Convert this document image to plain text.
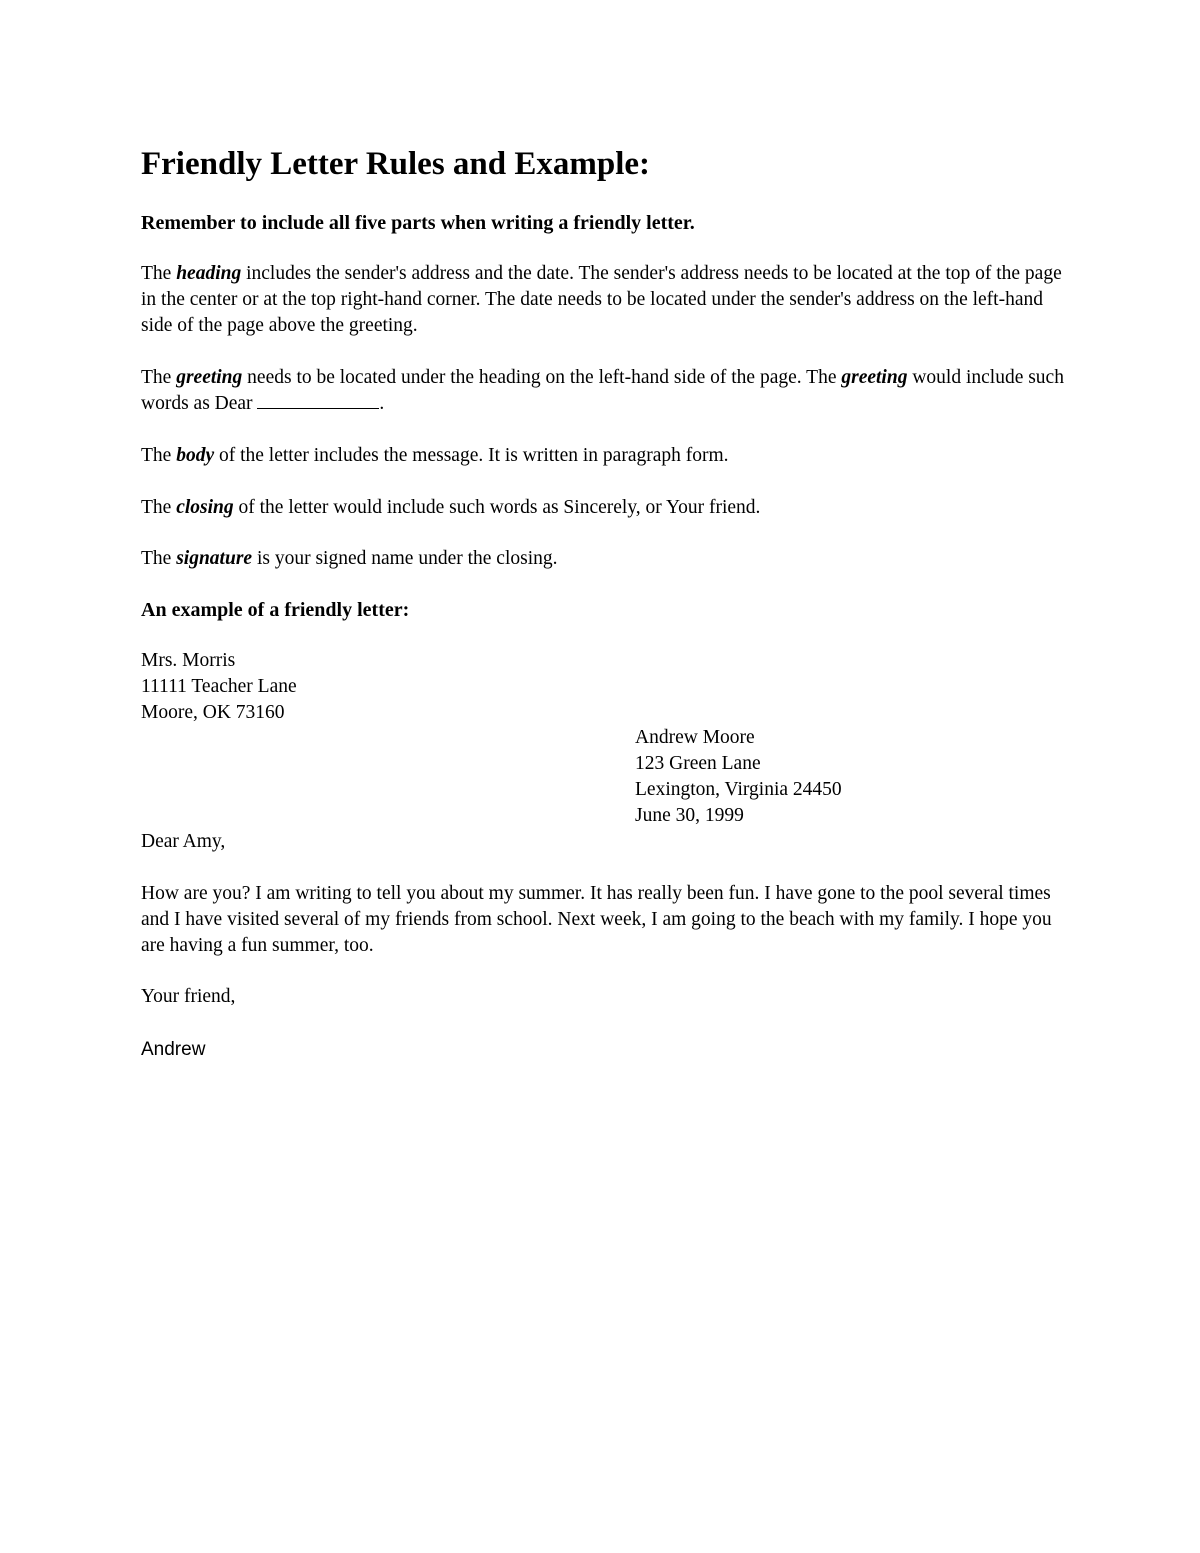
Friendly Letter Rules and Example:

Remember to include all five parts when writing a friendly letter.

The heading includes the sender's address and the date. The sender's address needs to be located at the top of the page in the center or at the top right-hand corner. The date needs to be located under the sender's address on the left-hand side of the page above the greeting.

The greeting needs to be located under the heading on the left-hand side of the page. The greeting would include such words as Dear	.

The body of the letter includes the message. It is written in paragraph form.

The closing of the letter would include such words as Sincerely, or Your friend.

The signature is your signed name under the closing.

An example of a friendly letter:

Mrs. Morris
11111 Teacher Lane
Moore, OK 73160
Andrew Moore
123 Green Lane
Lexington, Virginia 24450
June 30, 1999

Dear Amy,

How are you? I am writing to tell you about my summer. It has really been fun. I have gone to the pool several times and I have visited several of my friends from school. Next week, I am going to the beach with my family. I hope you are having a fun summer, too.

Your friend,

Andrew
